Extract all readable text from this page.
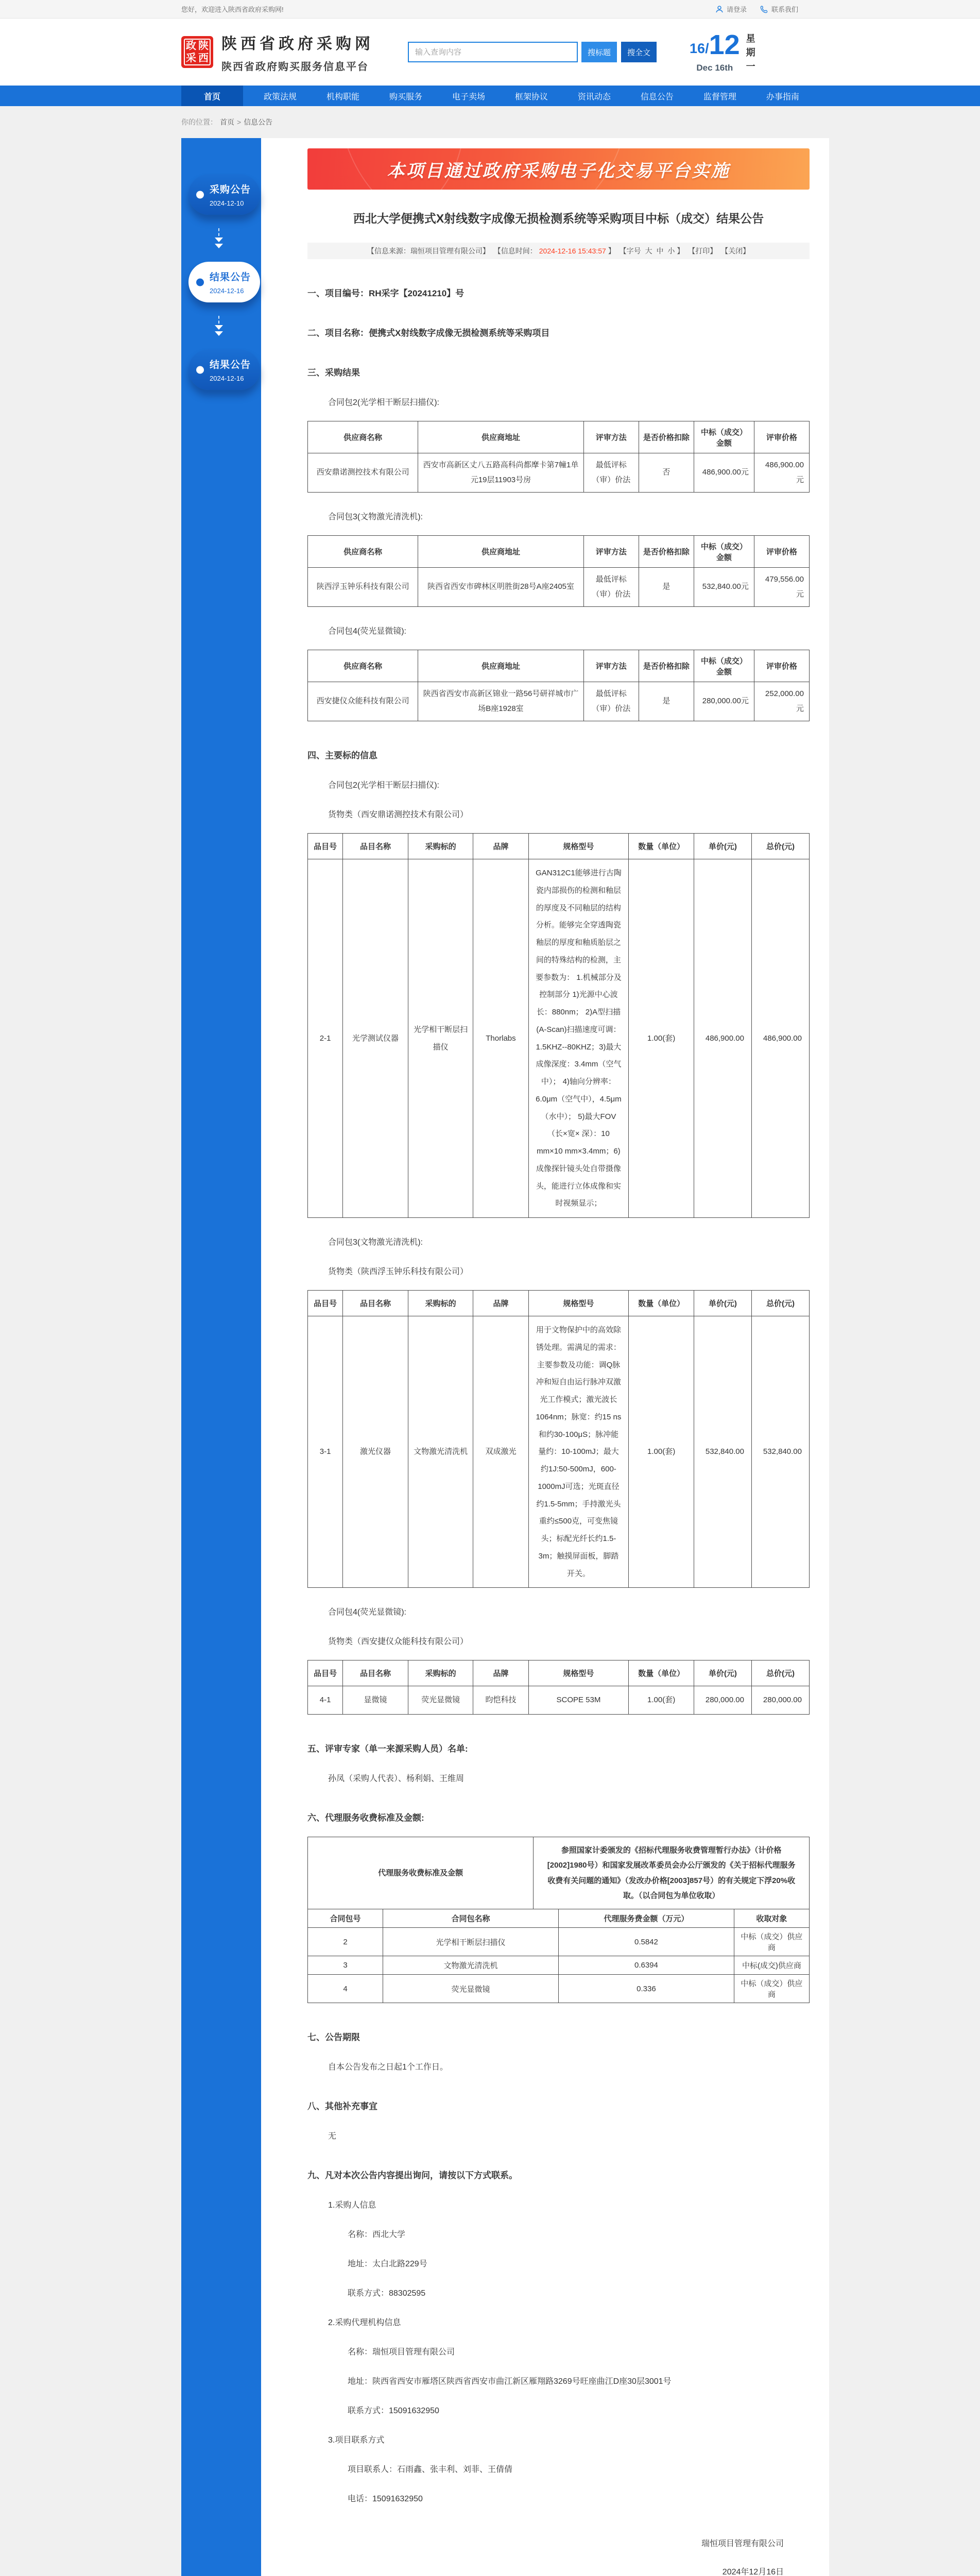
您好，欢迎进入陕西省政府采购网!	请登录	联系我们
政 陕
采 西
陕西省政府采购网
陕西省政府购买服务信息平台
输入查询内容
搜标题	搜全文	16/ 12
Dec 16th
星
期
一
首页	政策法规	机构职能	购买服务	电子卖场	框架协议	资讯动态	信息公告	监督管理	办事指南
你的位置： 首页 > 信息公告
采购公告
2024-12-10
结果公告
2024-12-16
结果公告
2024-12-16
本项目通过政府采购电子化交易平台实施
西北大学便携式X射线数字成像无损检测系统等采购项目中标（成交）结果公告
【信息来源：瑞恒项目管理有限公司】 【信息时间： 2024-12-16 15:43:57 】 【字号 大 中 小 】 【打印】 【关闭】

一、项目编号：RH采字【20241210】号

二、项目名称：便携式X射线数字成像无损检测系统等采购项目

三、采购结果

合同包2(光学相干断层扫描仪):

供应商名称	供应商地址	评审方法	是否价格扣除	中标（成交）金额	评审价格
西安鼎诺测控技术有限公司	西安市高新区丈八五路高科尚都摩卡第7幢1单元19层11903号房	最低评标（审）价法	否	486,900.00元	486,900.00元

合同包3(文物激光清洗机):

供应商名称	供应商地址	评审方法	是否价格扣除	中标（成交）金额	评审价格
陕西浮玉钟乐科技有限公司	陕西省西安市碑林区明胜街28号A座2405室	最低评标（审）价法	是	532,840.00元	479,556.00元

合同包4(荧光显微镜):

供应商名称	供应商地址	评审方法	是否价格扣除	中标（成交）金额	评审价格
西安捷仪众能科技有限公司	陕西省西安市高新区锦业一路56号研祥城市广场B座1928室	最低评标（审）价法	是	280,000.00元	252,000.00元

四、主要标的信息

合同包2(光学相干断层扫描仪):

货物类（西安鼎诺测控技术有限公司）

品目号	品目名称	采购标的	品牌	规格型号	数量（单位）	单价(元)	总价(元)
2-1	光学测试仪器	光学相干断层扫描仪	Thorlabs	GAN312C1能够进行古陶瓷内部损伤的检测和釉层的厚度及不同釉层的结构分析。能够完全穿透陶瓷釉层的厚度和釉质胎层之间的特殊结构的检测，主要参数为： 1.机械部分及控制部分 1)光源中心波长：880nm； 2)A型扫描(A-Scan)扫描速度可调：1.5KHZ--80KHZ；3)最大成像深度：3.4mm（空气中）； 4)轴向分辨率：6.0μm（空气中），4.5μm（水中）； 5)最大FOV（长×宽× 深）：10 mm×10 mm×3.4mm；6)成像探针镜头处自带摄像头，能进行立体成像和实时视频显示；	1.00(套)	486,900.00	486,900.00

合同包3(文物激光清洗机):

货物类（陕西浮玉钟乐科技有限公司）

品目号	品目名称	采购标的	品牌	规格型号	数量（单位）	单价(元)	总价(元)
3-1	激光仪器	文物激光清洗机	双成激光	用于文物保护中的高效除锈处理。需满足的需求：主要参数及功能：调Q脉冲和短自由运行脉冲双激光工作模式；激光波长1064nm；脉宽：约15 ns和约30-100μS；脉冲能量约：10-100mJ；最大约1J:50-500mJ，600-1000mJ可选；光斑直径约1.5-5mm；手持激光头重约≤500克，可变焦镜头；标配光纤长约1.5-3m；触摸屏面板，脚踏开关。	1.00(套)	532,840.00	532,840.00

合同包4(荧光显微镜):

货物类（西安捷仪众能科技有限公司）

品目号	品目名称	采购标的	品牌	规格型号	数量（单位）	单价(元)	总价(元)
4-1	显微镜	荧光显微镜	昀恺科技	SCOPE 53M	1.00(套)	280,000.00	280,000.00

五、评审专家（单一来源采购人员）名单:

孙凤（采购人代表）、杨利娟、王维周

六、代理服务收费标准及金额:

代理服务收费标准及金额	参照国家计委颁发的《招标代理服务收费管理暂行办法》（计价格[2002]1980号）和国家发展改革委员会办公厅颁发的《关于招标代理服务收费有关问题的通知》（发改办价格[2003]857号）的有关规定下浮20%收取。（以合同包为单位收取）
合同包号	合同包名称	代理服务费金额（万元）	收取对象
2	光学相干断层扫描仪	0.5842	中标（成交）供应商
3	文物激光清洗机	0.6394	中标(成交)供应商
4	荧光显微镜	0.336	中标（成交）供应商

七、公告期限

自本公告发布之日起1个工作日。

八、其他补充事宜

无

九、凡对本次公告内容提出询问，请按以下方式联系。

1.采购人信息

名称：西北大学

地址：太白北路229号

联系方式：88302595

2.采购代理机构信息

名称：瑞恒项目管理有限公司

地址：陕西省西安市雁塔区陕西省西安市曲江新区雁翔路3269号旺座曲江D座30层3001号

联系方式：15091632950

3.项目联系方式

项目联系人：石雨鑫、张丰利、刘菲、王倩倩

电话：15091632950

瑞恒项目管理有限公司
2024年12月16日
